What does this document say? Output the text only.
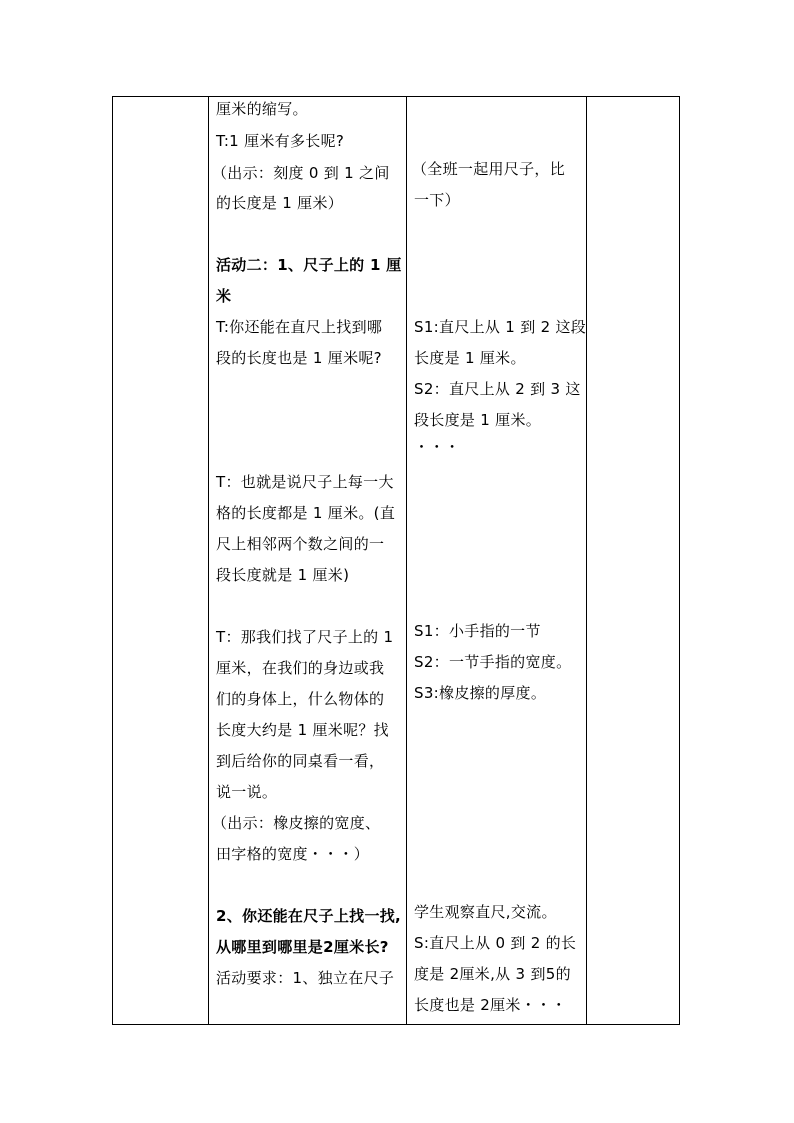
厘米的缩写。
T:1 厘米有多长呢?
（出示：刻度 0 到 1 之间
的长度是 1 厘米）
活动二：1、尺子上的 1 厘
米
T:你还能在直尺上找到哪
段的长度也是 1 厘米呢?
T：也就是说尺子上每一大
格的长度都是 1 厘米。(直
尺上相邻两个数之间的一
段长度就是 1 厘米)
T：那我们找了尺子上的 1
厘米，在我们的身边或我
们的身体上，什么物体的
长度大约是 1 厘米呢？找
到后给你的同桌看一看，
说一说。
（出示：橡皮擦的宽度、
田字格的宽度・・・）
2、你还能在尺子上找一找,
从哪里到哪里是2厘米长?
活动要求：1、独立在尺子
（全班一起用尺子，比
一下）
S1:直尺上从 1 到 2 这段
长度是 1 厘米。
S2：直尺上从 2 到 3 这
段长度是 1 厘米。
・・・
S1：小手指的一节
S2：一节手指的宽度。
S3:橡皮擦的厚度。
学生观察直尺,交流。
S:直尺上从 0 到 2 的长
度是 2厘米,从 3 到5的
长度也是 2厘米・・・
